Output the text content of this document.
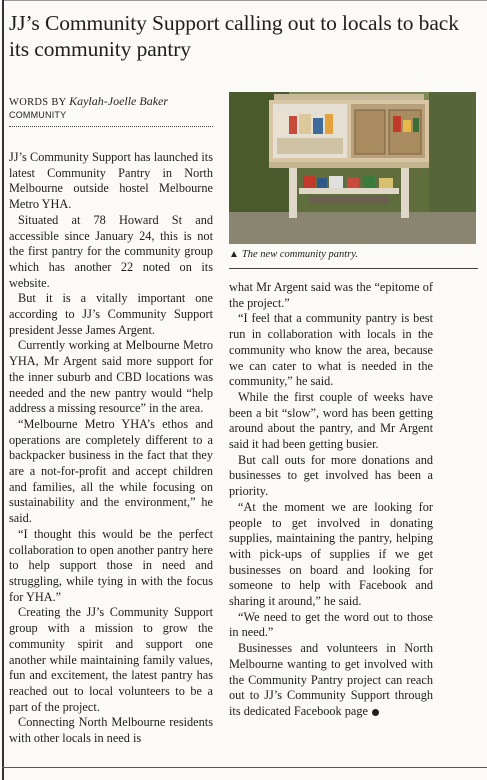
JJ’s Community Support calling out to locals to back its community pantry
WORDS BY Kaylah-Joelle Baker
COMMUNITY
▲ The new community pantry.

JJ’s Community Support has launched its latest Community Pantry in North Melbourne outside hostel Melbourne Metro YHA.

Situated at 78 Howard St and accessible since January 24, this is not the first pantry for the community group which has another 22 noted on its website.

But it is a vitally important one according to JJ’s Community Support president Jesse James Argent.

Currently working at Melbourne Metro YHA, Mr Argent said more support for the inner suburb and CBD locations was needed and the new pantry would “help address a missing resource” in the area.

“Melbourne Metro YHA’s ethos and operations are completely different to a backpacker business in the fact that they are a not-for-profit and accept children and families, all the while focusing on sustainability and the environment,” he said.

“I thought this would be the perfect collaboration to open another pantry here to help support those in need and struggling, while tying in with the focus for YHA.”

Creating the JJ’s Community Support group with a mission to grow the community spirit and support one another while maintaining family values, fun and excitement, the latest pantry has reached out to local volunteers to be a part of the project.

Connecting North Melbourne residents with other locals in need is

what Mr Argent said was the “epitome of the project.”

“I feel that a community pantry is best run in collaboration with locals in the community who know the area, because we can cater to what is needed in the community,” he said.

While the first couple of weeks have been a bit “slow”, word has been getting around about the pantry, and Mr Argent said it had been getting busier.

But call outs for more donations and businesses to get involved has been a priority.

“At the moment we are looking for people to get involved in donating supplies, maintaining the pantry, helping with pick-ups of supplies if we get businesses on board and looking for someone to help with Facebook and sharing it around,” he said.

“We need to get the word out to those in need.”

Businesses and volunteers in North Melbourne wanting to get involved with the Community Pantry project can reach out to JJ’s Community Support through its dedicated Facebook page
